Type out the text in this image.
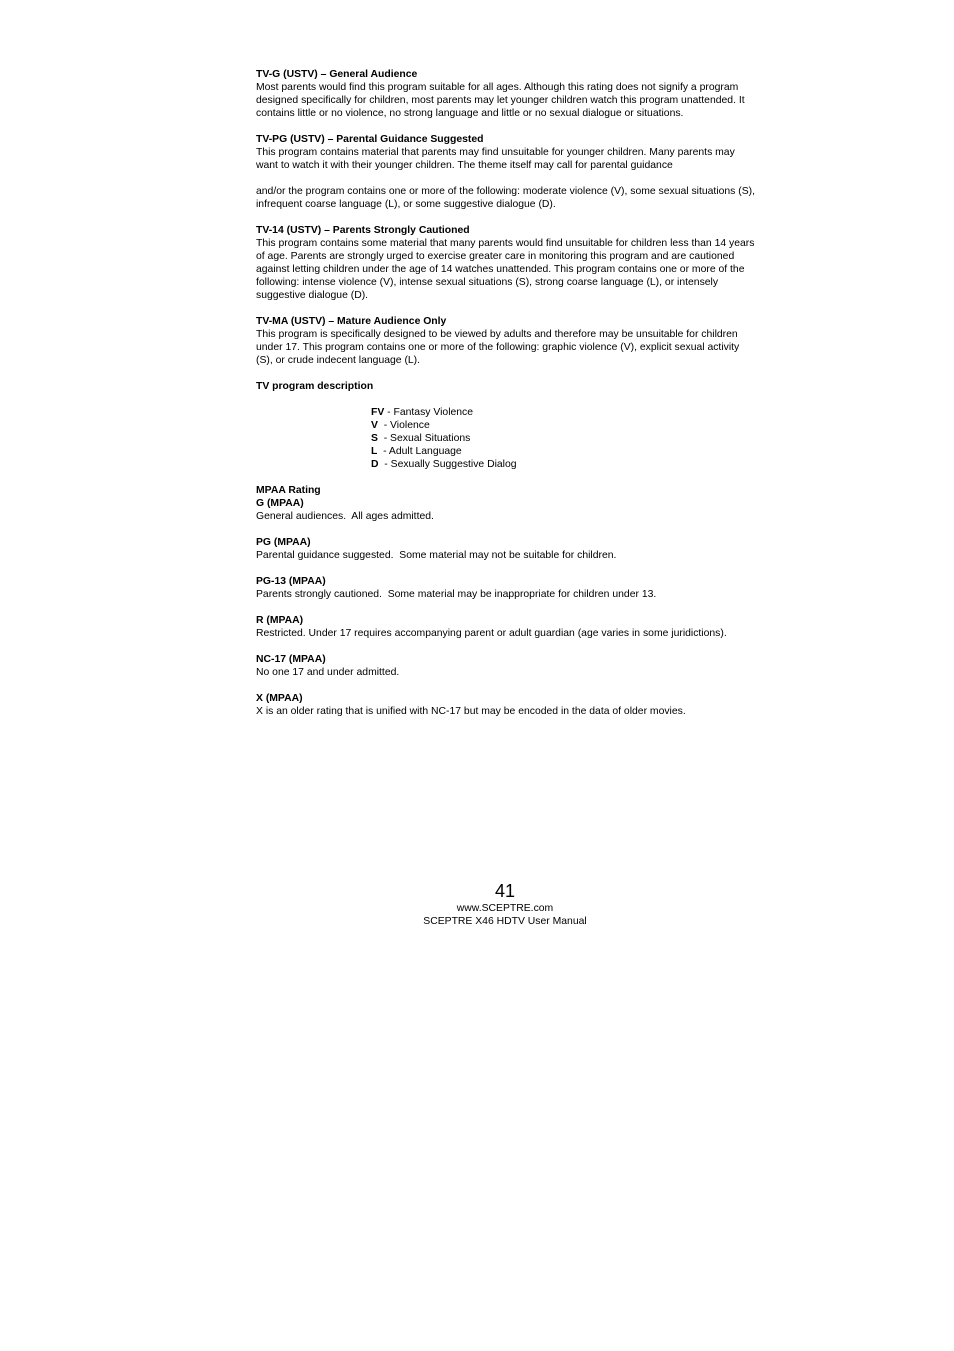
TV-G (USTV) – General Audience
Most parents would find this program suitable for all ages. Although this rating does not signify a program designed specifically for children, most parents may let younger children watch this program unattended. It contains little or no violence, no strong language and little or no sexual dialogue or situations.
TV-PG (USTV) – Parental Guidance Suggested
This program contains material that parents may find unsuitable for younger children. Many parents may want to watch it with their younger children. The theme itself may call for parental guidance
and/or the program contains one or more of the following: moderate violence (V), some sexual situations (S), infrequent coarse language (L), or some suggestive dialogue (D).
TV-14 (USTV) – Parents Strongly Cautioned
This program contains some material that many parents would find unsuitable for children less than 14 years of age. Parents are strongly urged to exercise greater care in monitoring this program and are cautioned against letting children under the age of 14 watches unattended. This program contains one or more of the following: intense violence (V), intense sexual situations (S), strong coarse language (L), or intensely suggestive dialogue (D).
TV-MA (USTV) – Mature Audience Only
This program is specifically designed to be viewed by adults and therefore may be unsuitable for children under 17. This program contains one or more of the following: graphic violence (V), explicit sexual activity (S), or crude indecent language (L).
TV program description
FV - Fantasy Violence
V  - Violence
S  - Sexual Situations
L  - Adult Language
D  - Sexually Suggestive Dialog
MPAA Rating
G (MPAA)
General audiences.  All ages admitted.
PG (MPAA)
Parental guidance suggested.  Some material may not be suitable for children.
PG-13 (MPAA)
Parents strongly cautioned.  Some material may be inappropriate for children under 13.
R (MPAA)
Restricted. Under 17 requires accompanying parent or adult guardian (age varies in some juridictions).
NC-17 (MPAA)
No one 17 and under admitted.
X (MPAA)
X is an older rating that is unified with NC-17 but may be encoded in the data of older movies.
41
www.SCEPTRE.com
SCEPTRE X46 HDTV User Manual
